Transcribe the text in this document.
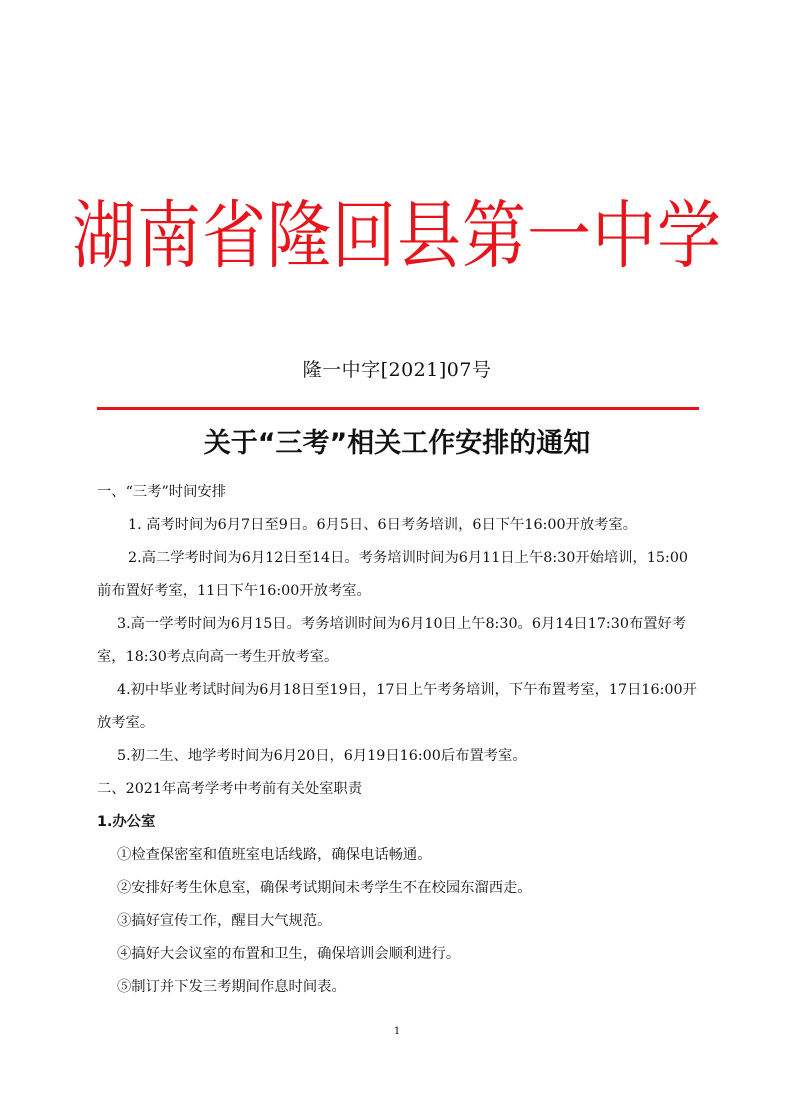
湖南省隆回县第一中学
隆一中字[2021]07号
关于“三考”相关工作安排的通知

一、“三考”时间安排

1. 高考时间为6月7日至9日。6月5日、6日考务培训，6日下午16:00开放考室。

2.高二学考时间为6月12日至14日。考务培训时间为6月11日上午8:30开始培训，15:00前布置好考室，11日下午16:00开放考室。

3.高一学考时间为6月15日。考务培训时间为6月10日上午8:30。6月14日17:30布置好考室，18:30考点向高一考生开放考室。

4.初中毕业考试时间为6月18日至19日，17日上午考务培训，下午布置考室，17日16:00开放考室。

5.初二生、地学考时间为6月20日，6月19日16:00后布置考室。

二、2021年高考学考中考前有关处室职责

1.办公室

①检查保密室和值班室电话线路，确保电话畅通。

②安排好考生休息室，确保考试期间未考学生不在校园东溜西走。

③搞好宣传工作，醒目大气规范。

④搞好大会议室的布置和卫生，确保培训会顺利进行。

⑤制订并下发三考期间作息时间表。

1
